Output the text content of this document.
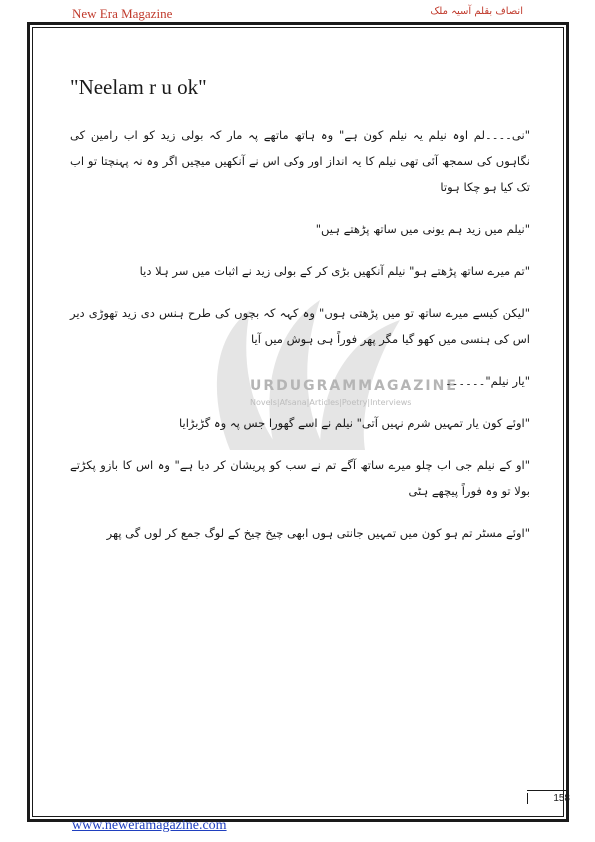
New Era Magazine	انصاف بقلم آسیہ ملک
URDUGRAMMAGAZINE
Novels|Afsana|Articles|Poetry|Interviews
"Neelam r u ok"

"نی۔۔۔۔لم اوہ نیلم یہ نیلم کون ہے" وہ ہاتھ ماتھے پہ مار کہ بولی زید کو اب رامین کی نگاہوں کی سمجھ آئی تھی نیلم کا یہ انداز اور وکی اس نے آنکھیں میچیں اگر وہ نہ پہنچتا تو اب تک کیا ہو چکا ہوتا

"نیلم میں زید ہم یونی میں ساتھ پڑھتے ہیں"

"تم میرے ساتھ پڑھتے ہو" نیلم آنکھیں بڑی کر کے بولی زید نے اثبات میں سر ہلا دیا

"لیکن کیسے میرے ساتھ تو میں پڑھتی ہوں" وہ کہہ کہ بچوں کی طرح ہنس دی زید تھوڑی دیر اس کی ہنسی میں کھو گیا مگر پھر فوراً ہی ہوش میں آیا

"یار نیلم"۔۔۔۔۔۔

"اوئے کون یار تمہیں شرم نہیں آتی" نیلم نے اسے گھورا جس پہ وہ گڑبڑایا

"او کے نیلم جی اب چلو میرے ساتھ آگے تم نے سب کو پریشان کر دیا ہے" وہ اس کا بازو پکڑتے بولا تو وہ فوراً پیچھے ہٹی

"اوئے مسٹر تم ہو کون میں تمہیں جانتی ہوں ابھی چیخ چیخ کے لوگ جمع کر لوں گی پھر

158
www.neweramagazine.com
